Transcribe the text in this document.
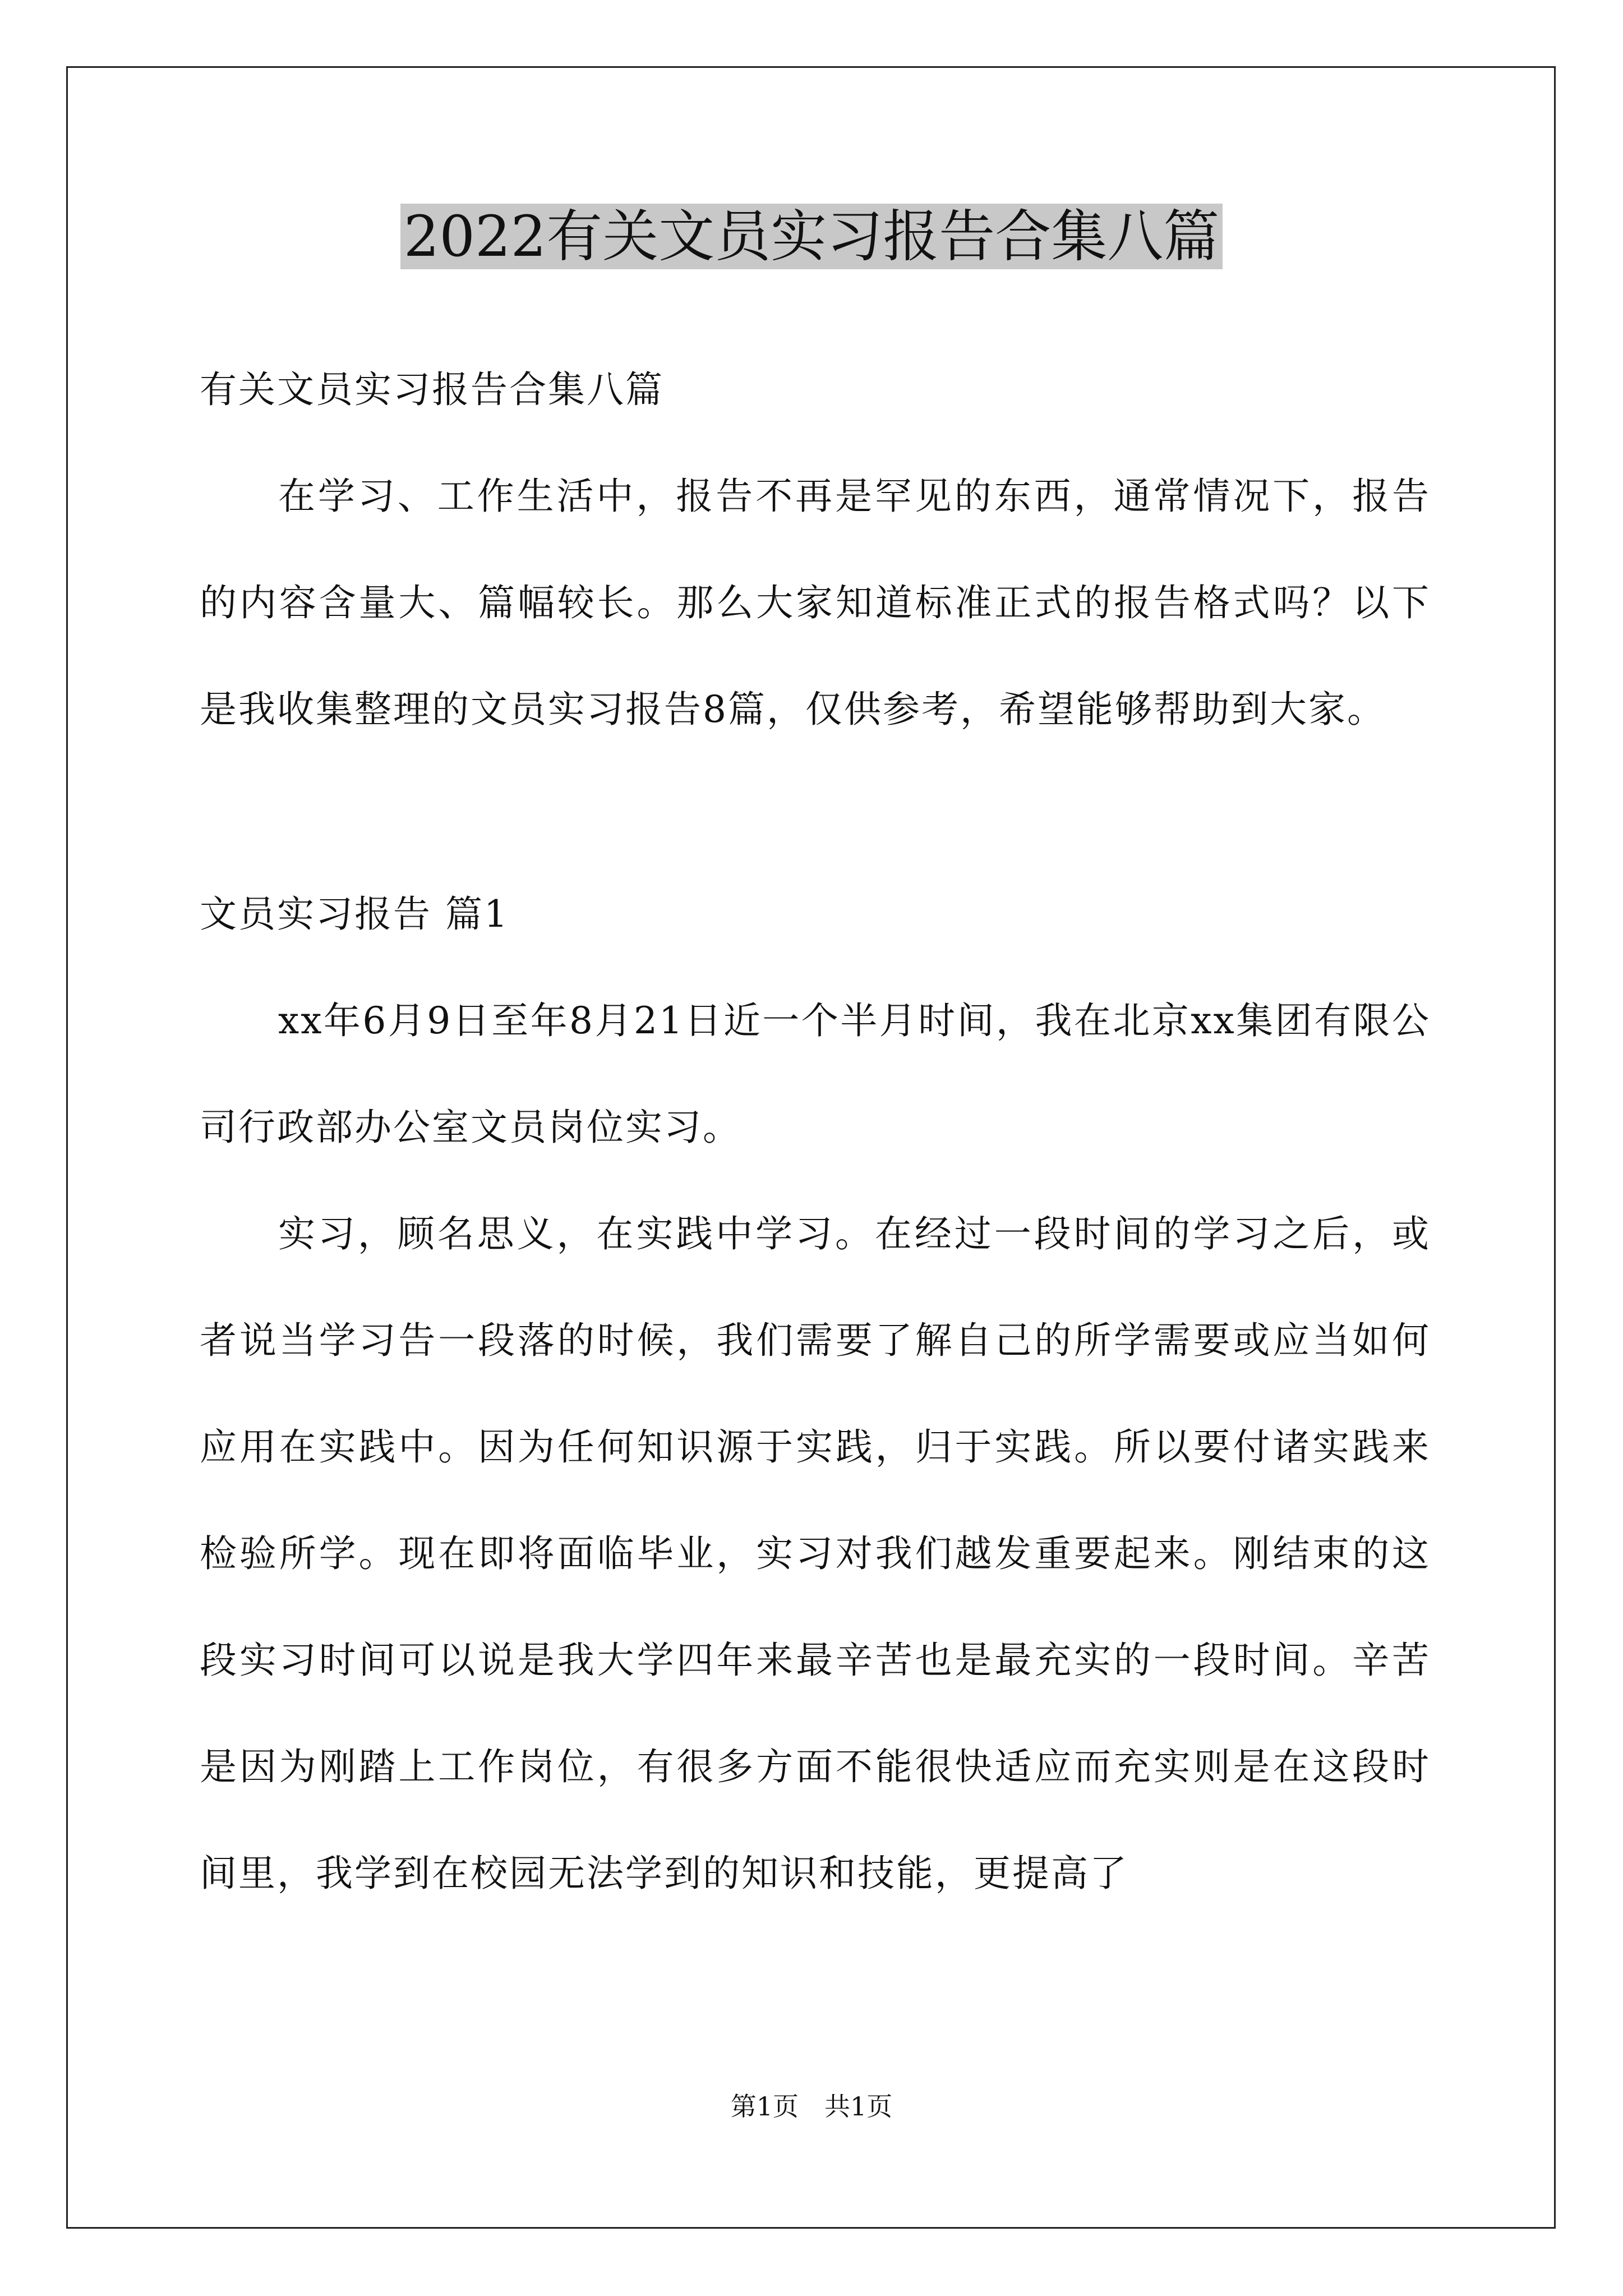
2022有关文员实习报告合集八篇

有关文员实习报告合集八篇

在学习、工作生活中，报告不再是罕见的东西，通常情况下，报告的内容含量大、篇幅较长。那么大家知道标准正式的报告格式吗？以下是我收集整理的文员实习报告8篇，仅供参考，希望能够帮助到大家。

文员实习报告 篇1

xx年6月9日至年8月21日近一个半月时间，我在北京xx集团有限公司行政部办公室文员岗位实习。

实习，顾名思义，在实践中学习。在经过一段时间的学习之后，或者说当学习告一段落的时候，我们需要了解自己的所学需要或应当如何应用在实践中。因为任何知识源于实践，归于实践。所以要付诸实践来检验所学。现在即将面临毕业，实习对我们越发重要起来。刚结束的这段实习时间可以说是我大学四年来最辛苦也是最充实的一段时间。辛苦是因为刚踏上工作岗位，有很多方面不能很快适应而充实则是在这段时间里，我学到在校园无法学到的知识和技能，更提高了

第1页 共1页
